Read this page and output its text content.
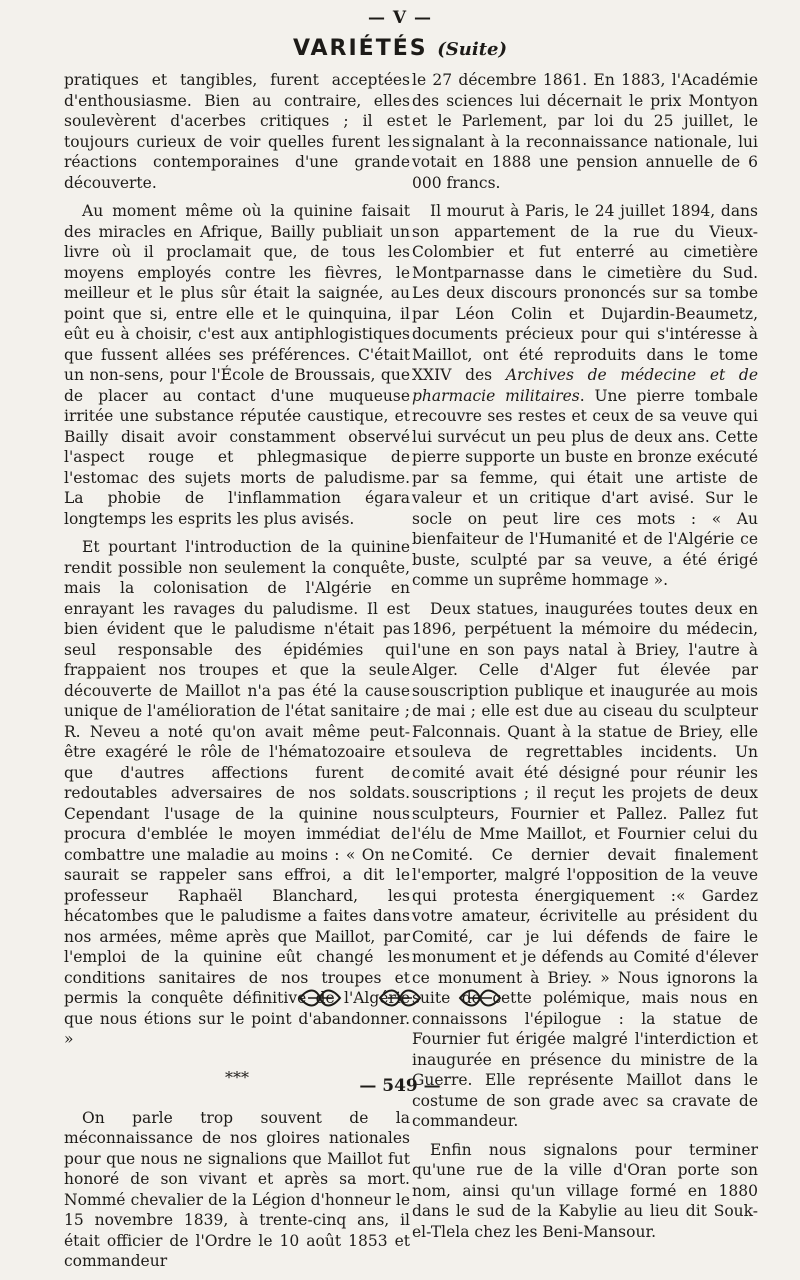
— V —
VARIÉTÉS (Suite)

pratiques et tangibles, furent acceptées d'enthousiasme. Bien au contraire, elles soulevèrent d'acerbes critiques ; il est toujours curieux de voir quelles furent les réactions contemporaines d'une grande découverte.

Au moment même où la quinine faisait des miracles en Afrique, Bailly publiait un livre où il proclamait que, de tous les moyens employés contre les fièvres, le meilleur et le plus sûr était la saignée, au point que si, entre elle et le quinquina, il eût eu à choisir, c'est aux antiphlogistiques que fussent allées ses préférences. C'était un non-sens, pour l'École de Broussais, que de placer au contact d'une muqueuse irritée une substance réputée caustique, et Bailly disait avoir constamment observé l'aspect rouge et phlegmasique de l'estomac des sujets morts de paludisme. La phobie de l'inflammation égara longtemps les esprits les plus avisés.

Et pourtant l'introduction de la quinine rendit possible non seulement la conquête, mais la colonisation de l'Algérie en enrayant les ravages du paludisme. Il est bien évident que le paludisme n'était pas seul responsable des épidémies qui frappaient nos troupes et que la seule découverte de Maillot n'a pas été la cause unique de l'amélioration de l'état sanitaire ; R. Neveu a noté qu'on avait même peut-être exagéré le rôle de l'hématozoaire et que d'autres affections furent de redoutables adversaires de nos soldats. Cependant l'usage de la quinine nous procura d'emblée le moyen immédiat de combattre une maladie au moins : « On ne saurait se rappeler sans effroi, a dit le professeur Raphaël Blanchard, les hécatombes que le paludisme a faites dans nos armées, même après que Maillot, par l'emploi de la quinine eût changé les conditions sanitaires de nos troupes et permis la conquête définitive de l'Algérie que nous étions sur le point d'abandonner. »

***

On parle trop souvent de la méconnaissance de nos gloires nationales pour que nous ne signalions que Maillot fut honoré de son vivant et après sa mort. Nommé chevalier de la Légion d'honneur le 15 novembre 1839, à trente-cinq ans, il était officier de l'Ordre le 10 août 1853 et commandeur

le 27 décembre 1861. En 1883, l'Académie des sciences lui décernait le prix Montyon et le Parlement, par loi du 25 juillet, le signalant à la reconnaissance nationale, lui votait en 1888 une pension annuelle de 6 000 francs.

Il mourut à Paris, le 24 juillet 1894, dans son appartement de la rue du Vieux-Colombier et fut enterré au cimetière Montparnasse dans le cimetière du Sud. Les deux discours prononcés sur sa tombe par Léon Colin et Dujardin-Beaumetz, documents précieux pour qui s'intéresse à Maillot, ont été reproduits dans le tome XXIV des Archives de médecine et de pharmacie militaires. Une pierre tombale recouvre ses restes et ceux de sa veuve qui lui survécut un peu plus de deux ans. Cette pierre supporte un buste en bronze exécuté par sa femme, qui était une artiste de valeur et un critique d'art avisé. Sur le socle on peut lire ces mots : « Au bienfaiteur de l'Humanité et de l'Algérie ce buste, sculpté par sa veuve, a été érigé comme un suprême hommage ».

Deux statues, inaugurées toutes deux en 1896, perpétuent la mémoire du médecin, l'une en son pays natal à Briey, l'autre à Alger. Celle d'Alger fut élevée par souscription publique et inaugurée au mois de mai ; elle est due au ciseau du sculpteur Falconnais. Quant à la statue de Briey, elle souleva de regrettables incidents. Un comité avait été désigné pour réunir les souscriptions ; il reçut les projets de deux sculpteurs, Fournier et Pallez. Pallez fut l'élu de Mme Maillot, et Fournier celui du Comité. Ce dernier devait finalement l'emporter, malgré l'opposition de la veuve qui protesta énergiquement :« Gardez votre amateur, écrivitelle au président du Comité, car je lui défends de faire le monument et je défends au Comité d'élever ce monument à Briey. » Nous ignorons la suite de cette polémique, mais nous en connaissons l'épilogue : la statue de Fournier fut érigée malgré l'interdiction et inaugurée en présence du ministre de la Guerre. Elle représente Maillot dans le costume de son grade avec sa cravate de commandeur.

Enfin nous signalons pour terminer qu'une rue de la ville d'Oran porte son nom, ainsi qu'un village formé en 1880 dans le sud de la Kabylie au lieu dit Souk-el-Tlela chez les Beni-Mansour.

— 549 —
